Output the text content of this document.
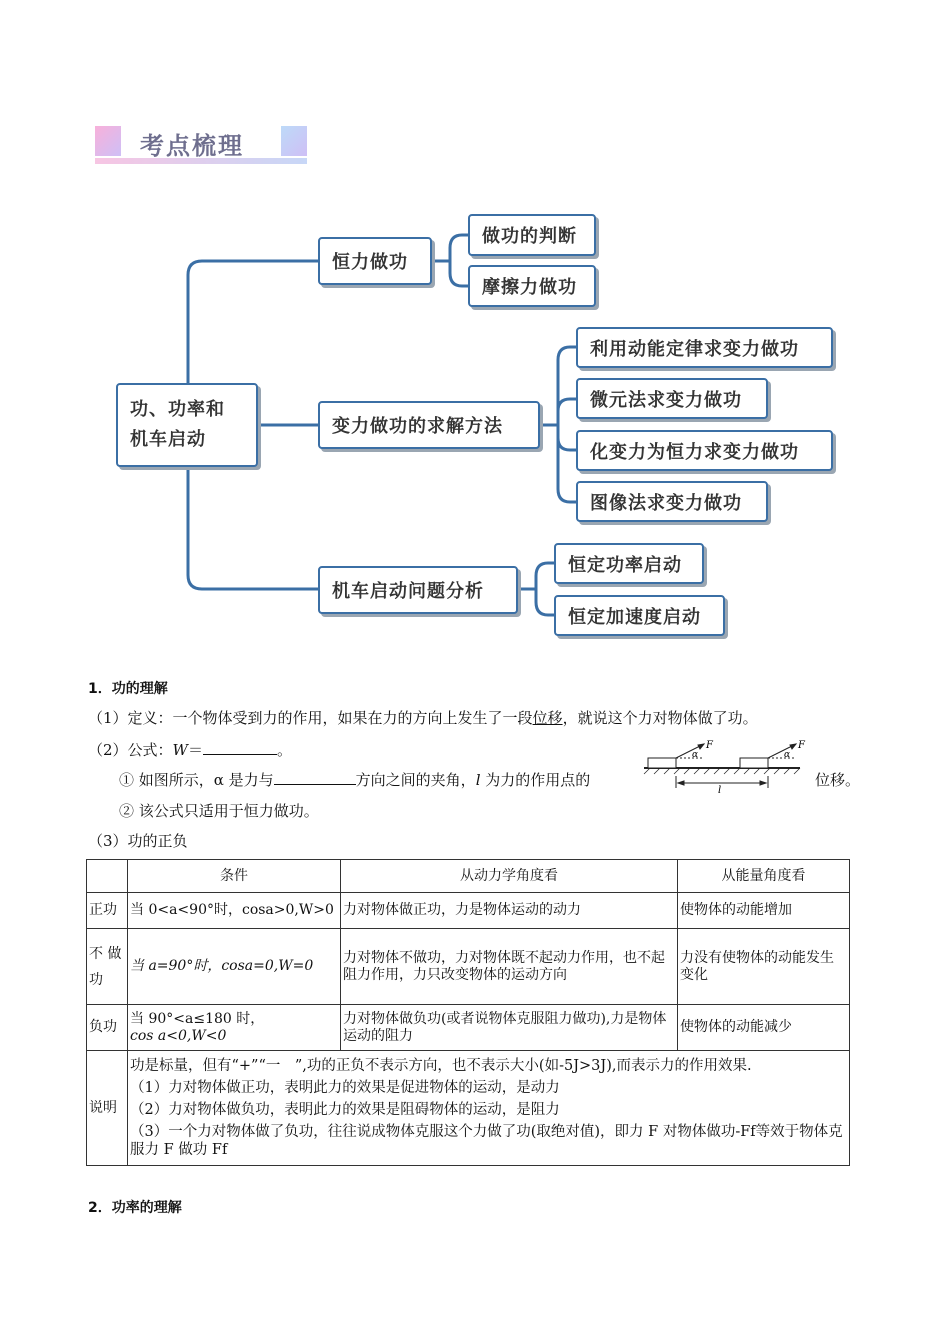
考点梳理
功、功率和
机车启动
恒力做功
做功的判断
摩擦力做功
变力做功的求解方法
利用动能定律求变力做功
微元法求变力做功
化变力为恒力求变力做功
图像法求变力做功
机车启动问题分析
恒定功率启动
恒定加速度启动
1．功的理解
（1）定义：一个物体受到力的作用，如果在力的方向上发生了一段位移，就说这个力对物体做了功。
（2）公式：W＝	。
① 如图所示，α 是力与	方向之间的夹角，l 为力的作用点的	位移。
F	F
α	α
l
② 该公式只适用于恒力做功。
（3）功的正负
	条件	从动力学角度看	从能量角度看
正功	当 0<a<90°时，cosa>0,W>0	力对物体做正功，力是物体运动的动力	使物体的动能增加
不 做功	当 a=90°时，cosa=0,W=0	力对物体不做功，力对物体既不起动力作用，也不起阻力作用，力只改变物体的运动方向	力没有使物体的动能发生变化
负功	当 90°<a≤180 时，
cos a<0,W<0	力对物体做负功(或者说物体克服阻力做功),力是物体运动的阻力	使物体的动能减少
说明	功是标量，但有“+”“一　”,功的正负不表示方向，也不表示大小(如-5J>3J),而表示力的作用效果.
（1）力对物体做正功，表明此力的效果是促进物体的运动，是动力
（2）力对物体做负功，表明此力的效果是阻碍物体的运动，是阻力
（3）一个力对物体做了负功，往往说成物体克服这个力做了功(取绝对值)，即力 F 对物体做功-Ff等效于物体克服力 F 做功 Ff		
2．功率的理解
